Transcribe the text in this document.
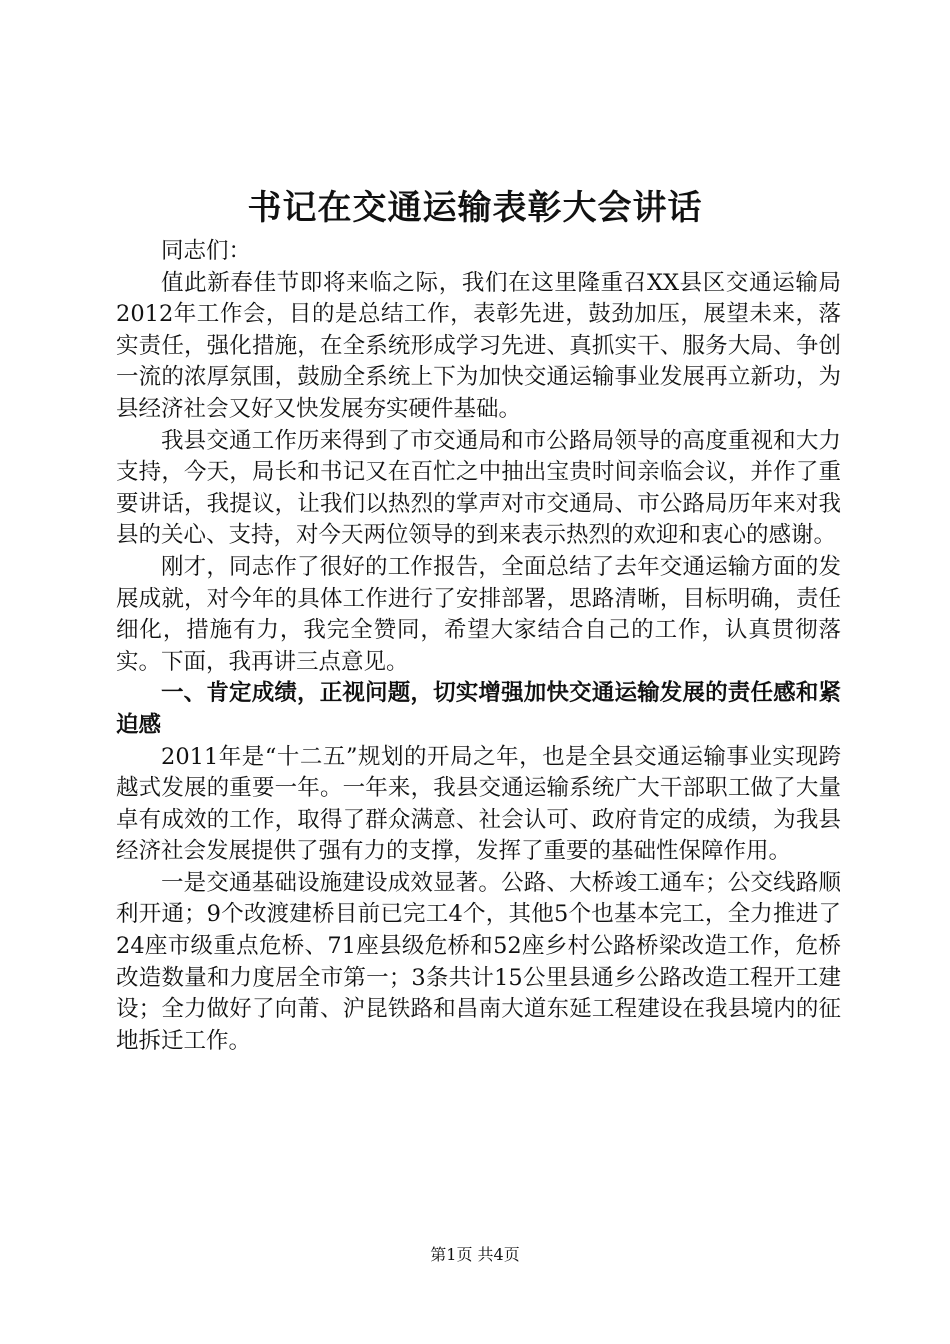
书记在交通运输表彰大会讲话

同志们：

值此新春佳节即将来临之际，我们在这里隆重召XX县区交通运输局2012年工作会，目的是总结工作，表彰先进，鼓劲加压，展望未来，落实责任，强化措施，在全系统形成学习先进、真抓实干、服务大局、争创一流的浓厚氛围，鼓励全系统上下为加快交通运输事业发展再立新功，为县经济社会又好又快发展夯实硬件基础。

我县交通工作历来得到了市交通局和市公路局领导的高度重视和大力支持，今天，局长和书记又在百忙之中抽出宝贵时间亲临会议，并作了重要讲话，我提议，让我们以热烈的掌声对市交通局、市公路局历年来对我县的关心、支持，对今天两位领导的到来表示热烈的欢迎和衷心的感谢。

刚才，同志作了很好的工作报告，全面总结了去年交通运输方面的发展成就，对今年的具体工作进行了安排部署，思路清晰，目标明确，责任细化，措施有力，我完全赞同，希望大家结合自己的工作，认真贯彻落实。下面，我再讲三点意见。

一、肯定成绩，正视问题，切实增强加快交通运输发展的责任感和紧迫感

2011年是“十二五”规划的开局之年，也是全县交通运输事业实现跨越式发展的重要一年。一年来，我县交通运输系统广大干部职工做了大量卓有成效的工作，取得了群众满意、社会认可、政府肯定的成绩，为我县经济社会发展提供了强有力的支撑，发挥了重要的基础性保障作用。

一是交通基础设施建设成效显著。公路、大桥竣工通车；公交线路顺利开通；9个改渡建桥目前已完工4个，其他5个也基本完工，全力推进了24座市级重点危桥、71座县级危桥和52座乡村公路桥梁改造工作，危桥改造数量和力度居全市第一；3条共计15公里县通乡公路改造工程开工建设；全力做好了向莆、沪昆铁路和昌南大道东延工程建设在我县境内的征地拆迁工作。

第1页 共4页
